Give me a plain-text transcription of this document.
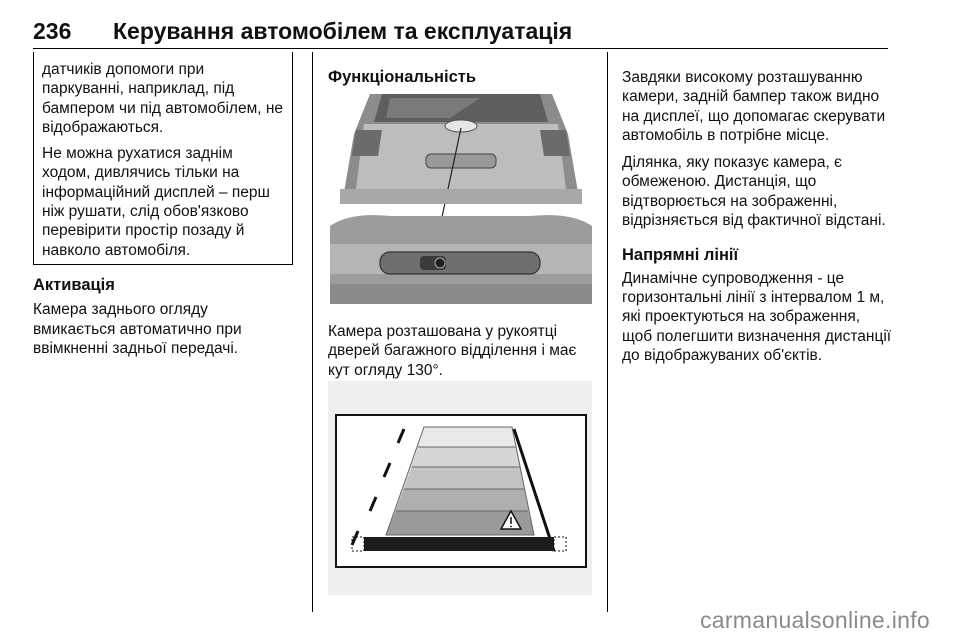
236 Керування автомобілем та експлуатація

датчиків допомоги при паркуванні, наприклад, під бампером чи під автомобілем, не відображаються.

Не можна рухатися заднім ходом, дивлячись тільки на інформаційний дисплей – перш ніж рушати, слід обов'язково перевірити простір позаду й навколо автомобіля.

Активація

Камера заднього огляду вмикається автоматично при ввімкненні задньої передачі.

Функціональність

Камера розташована у рукоятці дверей багажного відділення і має кут огляду 130°.

Завдяки високому розташуванню камери, задній бампер також видно на дисплеї, що допомагає скерувати автомобіль в потрібне місце.

Ділянка, яку показує камера, є обмеженою. Дистанція, що відтворюється на зображенні, відрізняється від фактичної відстані.

Напрямні лінії

Динамічне супроводження - це горизонтальні лінії з інтервалом 1 м, які проектуються на зображення, щоб полегшити визначення дистанції до відображуваних об'єктів.

carmanualsonline.info
